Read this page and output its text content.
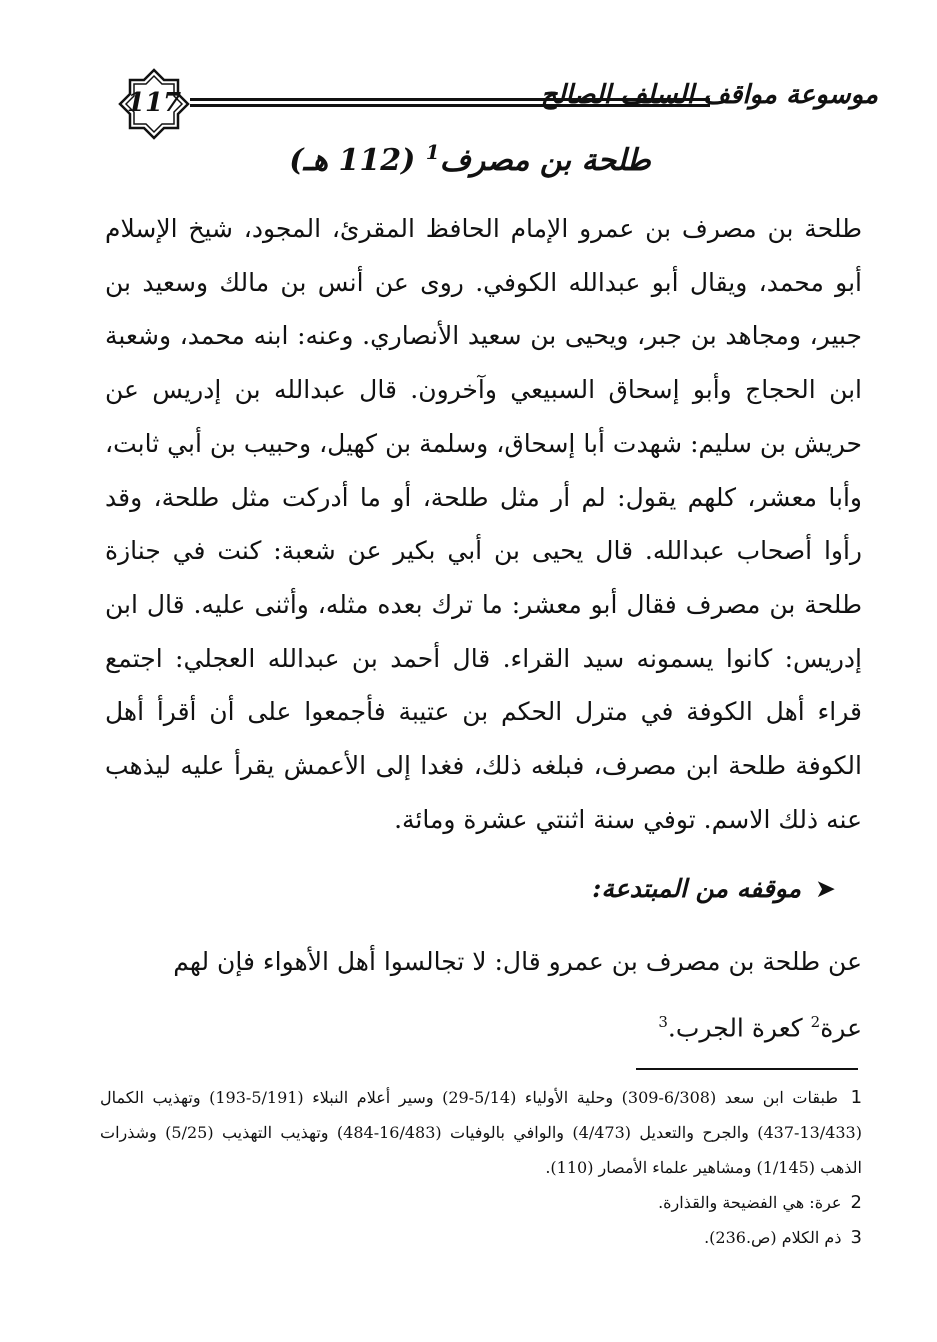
117	موسوعة مواقف السلف الصالح
طلحة بن مصرف$^1$ (112 هـ)

طلحة بن مصرف بن عمرو الإمام الحافظ المقرئ، المجود، شيخ الإسلام أبو محمد، ويقال أبو عبدالله الكوفي. روى عن أنس بن مالك وسعيد بن جبير، ومجاهد بن جبر، ويحيى بن سعيد الأنصاري. وعنه: ابنه محمد، وشعبة ابن الحجاج وأبو إسحاق السبيعي وآخرون. قال عبدالله بن إدريس عن حريش بن سليم: شهدت أبا إسحاق، وسلمة بن كهيل، وحبيب بن أبي ثابت، وأبا معشر، كلهم يقول: لم أر مثل طلحة، أو ما أدركت مثل طلحة، وقد رأوا أصحاب عبدالله. قال يحيى بن أبي بكير عن شعبة: كنت في جنازة طلحة بن مصرف فقال أبو معشر: ما ترك بعده مثله، وأثنى عليه. قال ابن إدريس: كانوا يسمونه سيد القراء. قال أحمد بن عبدالله العجلي: اجتمع قراء أهل الكوفة في مترل الحكم بن عتيبة فأجمعوا على أن أقرأ أهل الكوفة طلحة ابن مصرف، فبلغه ذلك، فغدا إلى الأعمش يقرأ عليه ليذهب عنه ذلك الاسم. توفي سنة اثنتي عشرة ومائة.

➤موقفه من المبتدعة:

عن طلحة بن مصرف بن عمرو قال: لا تجالسوا أهل الأهواء فإن لهم

عرة$^2$ كعرة الجرب.$^3$

1 طبقات ابن سعد (6/308-309) وحلية الأولياء (5/14-29) وسير أعلام النبلاء (5/191-193) وتهذيب الكمال (13/433-437) والجرح والتعديل (4/473) والوافي بالوفيات (16/483-484) وتهذيب التهذيب (5/25) وشذرات الذهب (1/145) ومشاهير علماء الأمصار (110).

2 عرة: هي الفضيحة والقذارة.

3 ذم الكلام (ص.236).
